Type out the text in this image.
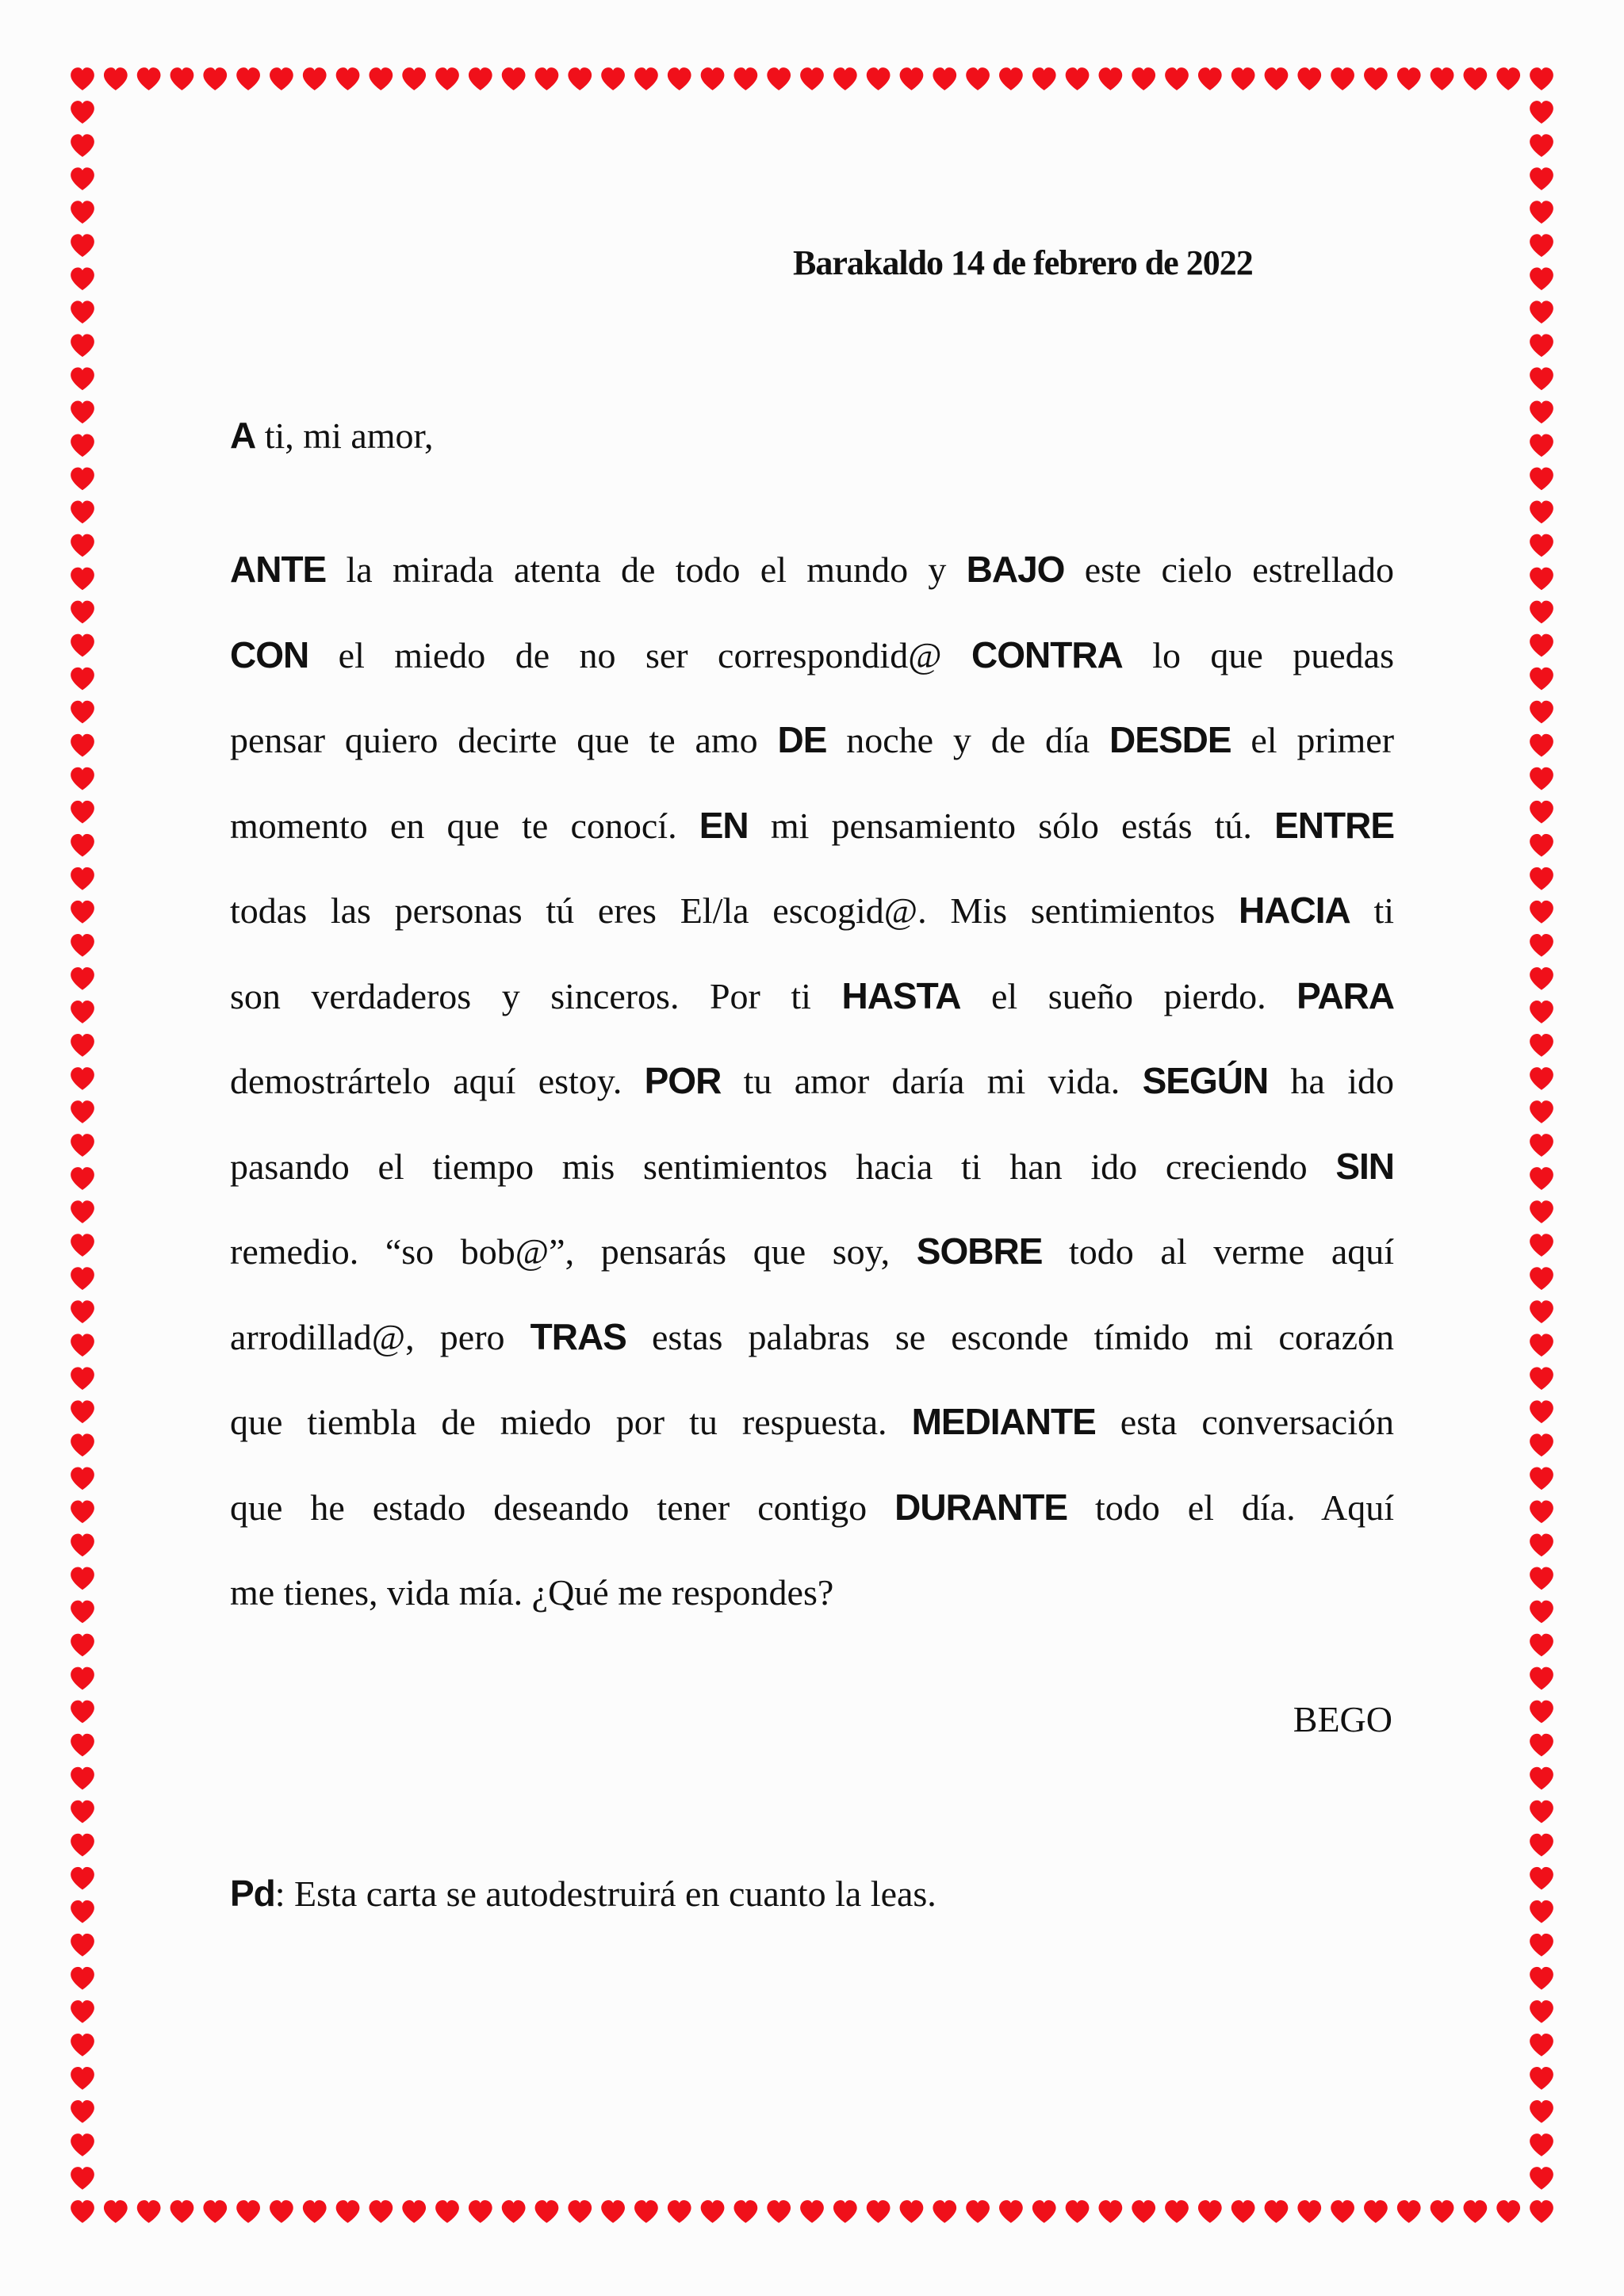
Barakaldo 14 de febrero de 2022
A ti, mi amor,
ANTE la mirada atenta de todo el mundo y BAJO este cielo estrellado
CON el miedo de no ser correspondid@ CONTRA lo que puedas
pensar quiero decirte que te amo DE noche y de día DESDE el primer
momento en que te conocí. EN mi pensamiento sólo estás tú. ENTRE
todas las personas tú eres El/la escogid@. Mis sentimientos HACIA ti
son verdaderos y sinceros. Por ti HASTA el sueño pierdo. PARA
demostrártelo aquí estoy. POR tu amor daría mi vida. SEGÚN ha ido
pasando el tiempo mis sentimientos hacia ti han ido creciendo SIN
remedio. “so bob@”, pensarás que soy, SOBRE todo al verme aquí
arrodillad@, pero TRAS estas palabras se esconde tímido mi corazón
que tiembla de miedo por tu respuesta. MEDIANTE esta conversación
que he estado deseando tener contigo DURANTE todo el día. Aquí
me tienes, vida mía. ¿Qué me respondes?
BEGO
Pd: Esta carta se autodestruirá en cuanto la leas.
